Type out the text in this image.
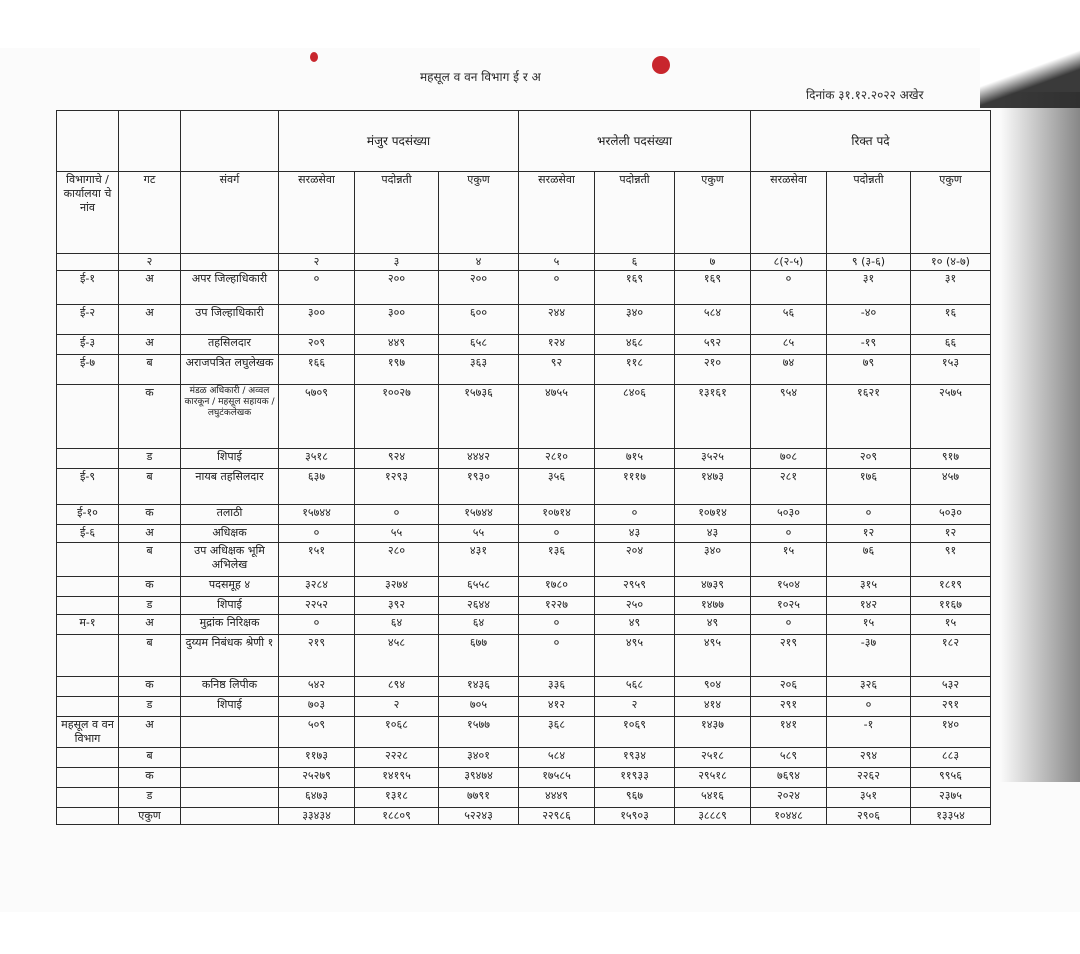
महसूल व वन विभाग ई र अ
दिनांक ३१.१२.२०२२ अखेर
			मंजुर पदसंख्या			भरलेली पदसंख्या			रिक्त पदे		
विभागाचे / कार्यालया चे नांव	गट	संवर्ग	सरळसेवा	पदोन्नती	एकुण	सरळसेवा	पदोन्नती	एकुण	सरळसेवा	पदोन्नती	एकुण
	२		२	३	४	५	६	७	८(२-५)	९ (३-६)	१० (४-७)
ई-१	अ	अपर जिल्हाधिकारी	०	२००	२००	०	१६९	१६९	०	३१	३१
ई-२	अ	उप जिल्हाधिकारी	३००	३००	६००	२४४	३४०	५८४	५६	-४०	१६
ई-३	अ	तहसिलदार	२०९	४४९	६५८	१२४	४६८	५९२	८५	-१९	६६
ई-७	ब	अराजपत्रित लघुलेखक	१६६	१९७	३६३	९२	११८	२१०	७४	७९	१५३
	क	मंडळ अधिकारी / अव्वल कारकून / महसूल सहायक / लघुटंकलेखक	५७०९	१००२७	१५७३६	४७५५	८४०६	१३१६१	९५४	१६२१	२५७५
	ड	शिपाई	३५१८	९२४	४४४२	२८१०	७१५	३५२५	७०८	२०९	९१७
ई-९	ब	नायब तहसिलदार	६३७	१२९३	१९३०	३५६	१११७	१४७३	२८१	१७६	४५७
ई-१०	क	तलाठी	१५७४४	०	१५७४४	१०७१४	०	१०७१४	५०३०	०	५०३०
ई-६	अ	अधिक्षक	०	५५	५५	०	४३	४३	०	१२	१२
	ब	उप अधिक्षक भूमि अभिलेख	१५१	२८०	४३१	१३६	२०४	३४०	१५	७६	९१
	क	पदसमूह ४	३२८४	३२७४	६५५८	१७८०	२९५९	४७३९	१५०४	३१५	१८१९
	ड	शिपाई	२२५२	३९२	२६४४	१२२७	२५०	१४७७	१०२५	१४२	११६७
म-१	अ	मुद्रांक निरिक्षक	०	६४	६४	०	४९	४९	०	१५	१५
	ब	दुय्यम निबंधक श्रेणी १	२१९	४५८	६७७	०	४९५	४९५	२१९	-३७	१८२
	क	कनिष्ठ लिपीक	५४२	८९४	१४३६	३३६	५६८	९०४	२०६	३२६	५३२
	ड	शिपाई	७०३	२	७०५	४१२	२	४१४	२९१	०	२९१
महसूल व वन विभाग	अ		५०९	१०६८	१५७७	३६८	१०६९	१४३७	१४१	-१	१४०
	ब		११७३	२२२८	३४०१	५८४	१९३४	२५१८	५८९	२९४	८८३
	क		२५२७९	१४१९५	३९४७४	१७५८५	११९३३	२९५१८	७६९४	२२६२	९९५६
	ड		६४७३	१३१८	७७९१	४४४९	९६७	५४१६	२०२४	३५१	२३७५
	एकुण		३३४३४	१८८०९	५२२४३	२२९८६	१५९०३	३८८८९	१०४४८	२९०६	१३३५४
